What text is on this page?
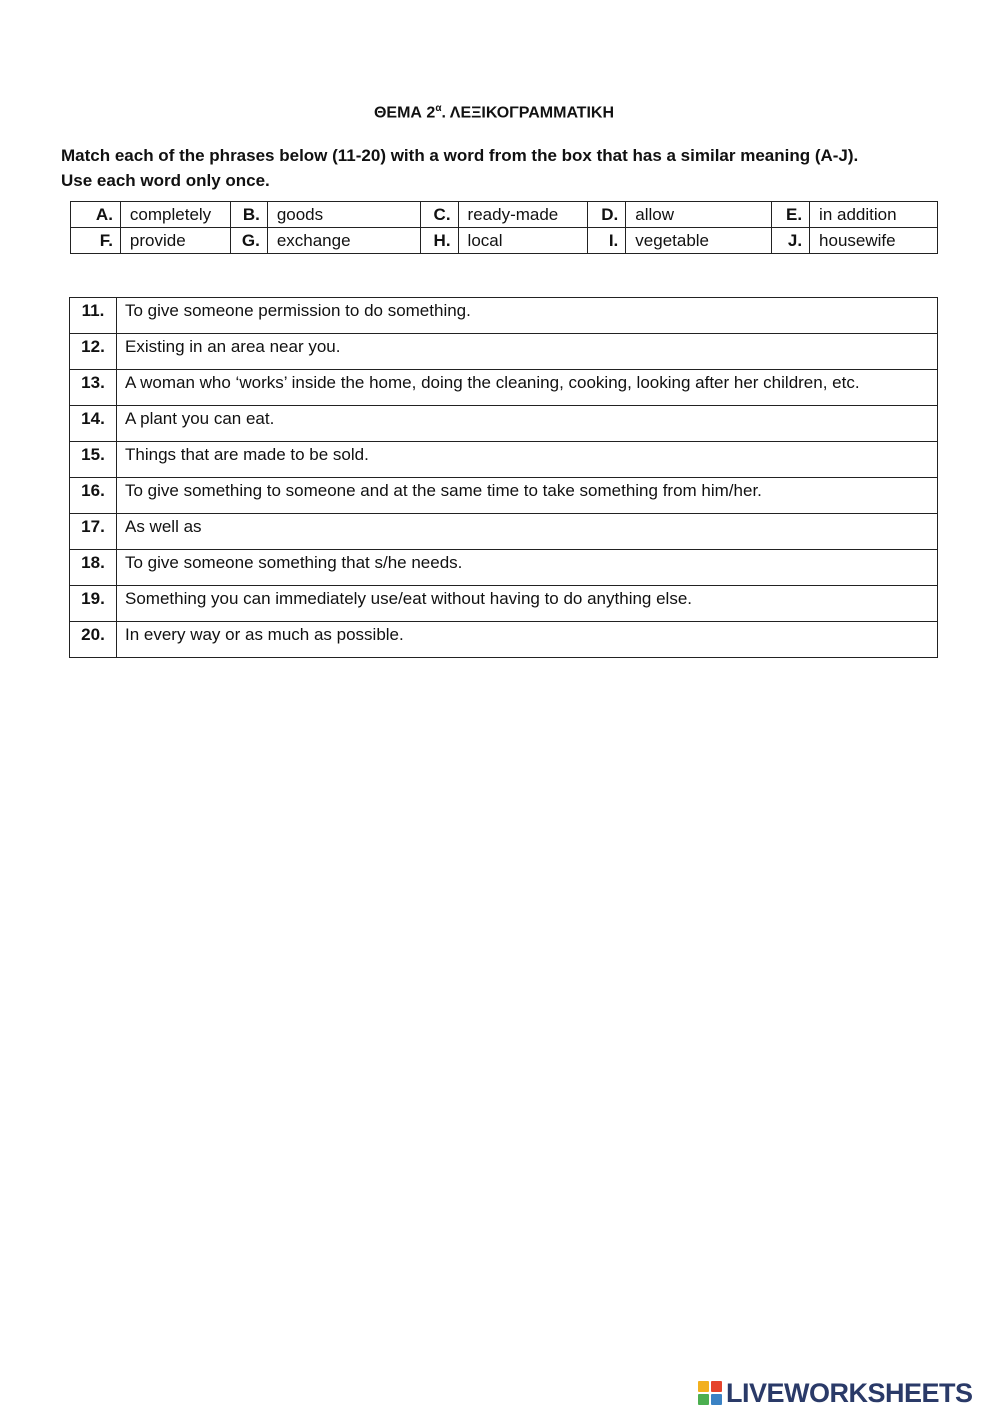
ΘΕΜΑ $2^\alpha$. ΛΕΞΙΚΟΓΡΑΜΜΑΤΙΚΗ
Match each of the phrases below (11-20) with a word from the box that has a similar meaning (A-J).
Use each word only once.
A.	completely	B.	goods	C.	ready-made	D.	allow	E.	in addition
F.	provide	G.	exchange	H.	local	I.	vegetable	J.	housewife
11.	To give someone permission to do something.
12.	Existing in an area near you.
13.	A woman who ‘works’ inside the home, doing the cleaning, cooking, looking after her children, etc.
14.	A plant you can eat.
15.	Things that are made to be sold.
16.	To give something to someone and at the same time to take something from him/her.
17.	As well as
18.	To give someone something that s/he needs.
19.	Something you can immediately use/eat without having to do anything else.
20.	In every way or as much as possible.
LIVEWORKSHEETS
